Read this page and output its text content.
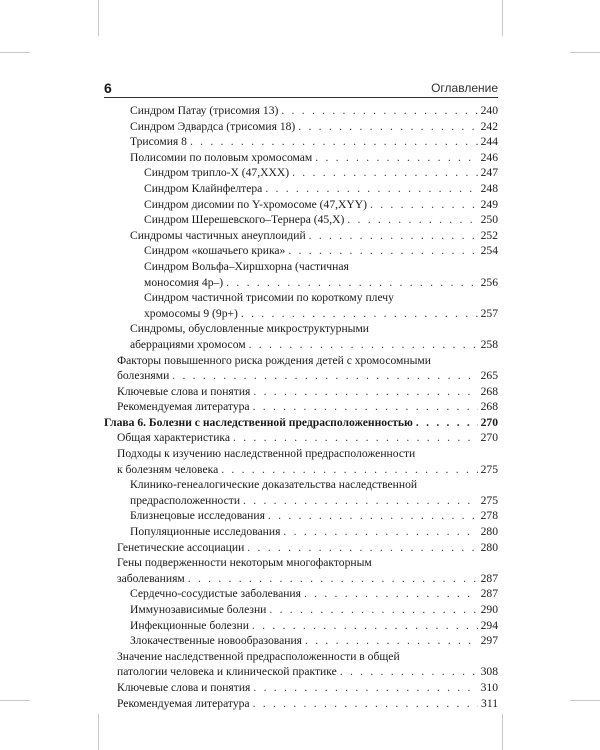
6	Оглавление
Синдром Патау (трисомия 13) . . .	240
Синдром Эдвардса (трисомия 18) . . .	242
Трисомия 8 . . .	244
Полисомии по половым хромосомам . . .	246
Синдром трипло-Х (47,ХХХ) . . .	247
Синдром Клайнфелтера . . .	248
Синдром дисомии по Y-хромосоме (47,XYY) . . .	249
Синдром Шерешевского–Тернера (45,X) . . .	250
Синдромы частичных анеуплоидий . . .	252
Синдром «кошачьего крика» . . .	254
Синдром Вольфа–Хиршхорна (частичная
моносомия 4р–) . . .	256
Синдром частичной трисомии по короткому плечу
хромосомы 9 (9р+) . . .	257
Синдромы, обусловленные микроструктурными
аберрациями хромосом . . .	258
Факторы повышенного риска рождения детей с хромосомными
болезнями . . .	265
Ключевые слова и понятия . . .	268
Рекомендуемая литература . . .	268
Глава 6. Болезни с наследственной предрасположенностью . . .	270
Общая характеристика . . .	270
Подходы к изучению наследственной предрасположенности
к болезням человека . . .	275
Клинико-генеалогические доказательства наследственной
предрасположенности . . .	275
Близнецовые исследования . . .	278
Популяционные исследования . . .	280
Генетические ассоциации . . .	280
Гены подверженности некоторым многофакторным
заболеваниям . . .	287
Сердечно-сосудистые заболевания . . .	287
Иммунозависимые болезни . . .	290
Инфекционные болезни . . .	294
Злокачественные новообразования . . .	297
Значение наследственной предрасположенности в общей
патологии человека и клинической практике . . .	308
Ключевые слова и понятия . . .	310
Рекомендуемая литература . . .	311
